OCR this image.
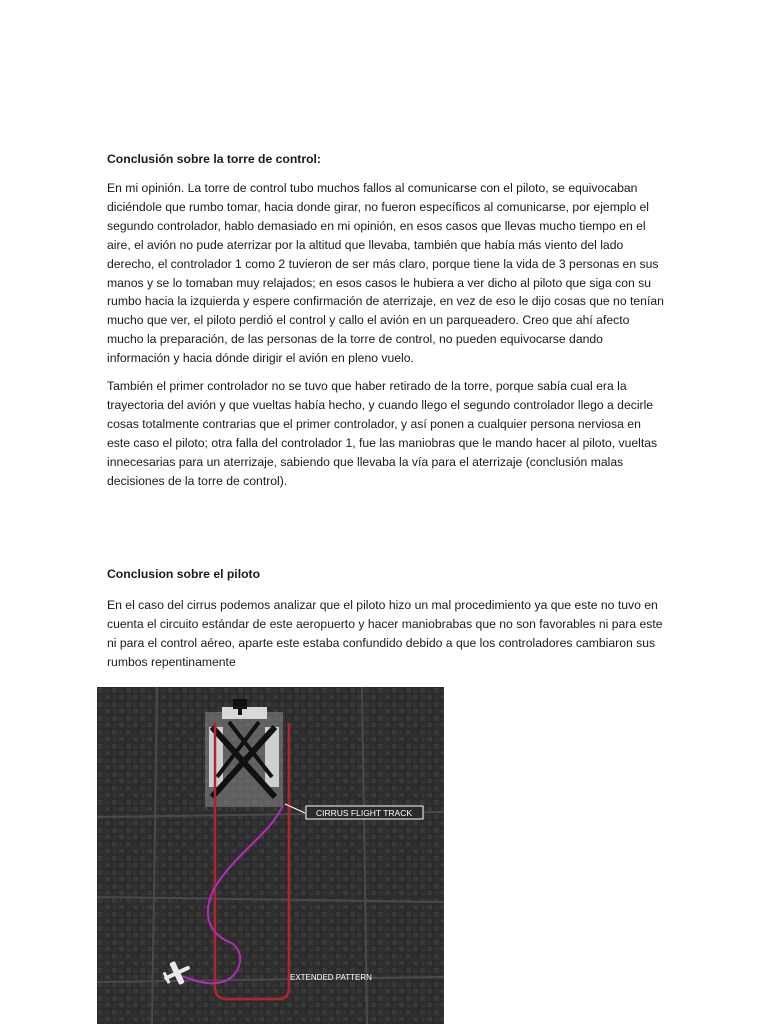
Conclusión sobre la torre de control:

En mi opinión. La torre de control tubo muchos fallos al comunicarse con el piloto, se equivocaban diciéndole que rumbo tomar, hacia donde girar, no fueron específicos al comunicarse, por ejemplo el segundo controlador, hablo demasiado en mi opinión, en esos casos que llevas mucho tiempo en el aire, el avión no pude aterrizar por la altitud que llevaba, también que había más viento del lado derecho, el controlador 1 como 2 tuvieron de ser más claro, porque tiene la vida de 3 personas en sus manos y se lo tomaban muy relajados; en esos casos le hubiera a ver dicho al piloto que siga con su rumbo hacia la izquierda y espere confirmación de aterrizaje, en vez de eso le dijo cosas que no tenían mucho que ver, el piloto perdió el control y callo el avión en un parqueadero. Creo que ahí afecto mucho la preparación, de las personas de la torre de control, no pueden equivocarse dando información y hacia dónde dirigir el avión en pleno vuelo.

También el primer controlador no se tuvo que haber retirado de la torre, porque sabía cual era la trayectoria del avión y que vueltas había hecho, y cuando llego el segundo controlador llego a decirle cosas totalmente contrarias que el primer controlador, y así ponen a cualquier persona nerviosa en este caso el piloto; otra falla del controlador 1, fue las maniobras que le mando hacer al piloto, vueltas innecesarias para un aterrizaje, sabiendo que llevaba la vía para el aterrizaje (conclusión malas decisiones de la torre de control).

Conclusion sobre el piloto

En el caso del cirrus podemos analizar que el piloto hizo un mal procedimiento ya que este no tuvo en cuenta el circuito estándar de este aeropuerto y hacer maniobrabas que no son favorables ni para este ni para el control aéreo, aparte este estaba confundido debido a que los controladores cambiaron sus rumbos repentinamente

CIRRUS FLIGHT TRACK
EXTENDED PATTERN
